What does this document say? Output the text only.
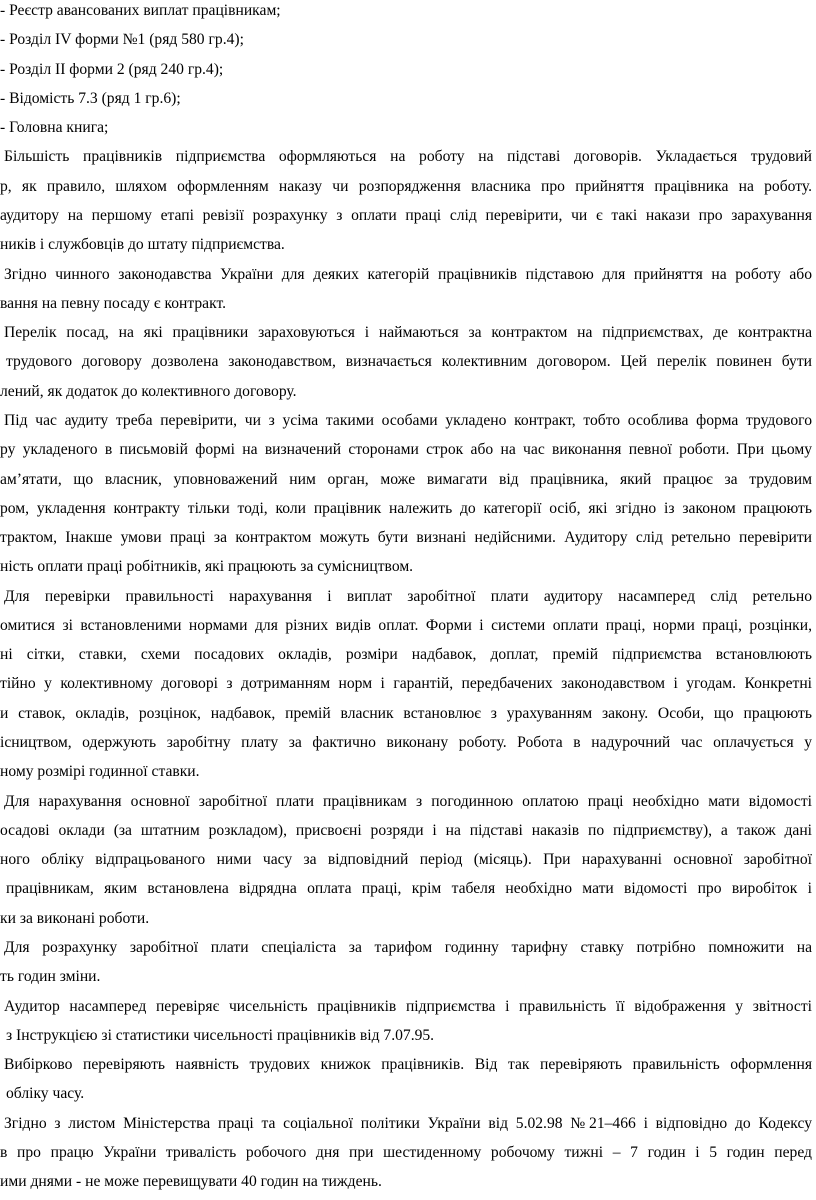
- Реєстр авансованих виплат працівникам;
- Розділ IV форми №1 (ряд 580 гр.4);
- Розділ II форми 2 (ряд 240 гр.4);
- Відомість 7.3 (ряд 1 гр.6);
- Головна книга;
Більшість працівників підприємства оформляються на роботу на підставі договорів. Укладається трудовий
р, як правило, шляхом оформленням наказу чи розпорядження власника про прийняття працівника на роботу.
аудитору на першому етапі ревізії розрахунку з оплати праці слід перевірити, чи є такі накази про зарахування
ників і службовців до штату підприємства.
Згідно чинного законодавства України для деяких категорій працівників підставою для прийняття на роботу або
вання на певну посаду є контракт.
Перелік посад, на які працівники зараховуються і наймаються за контрактом на підприємствах, де контрактна
трудового договору дозволена законодавством, визначається колективним договором. Цей перелік повинен бути
лений, як додаток до колективного договору.
Під час аудиту треба перевірити, чи з усіма такими особами укладено контракт, тобто особлива форма трудового
ру укладеного в письмовій формі на визначений сторонами строк або на час виконання певної роботи. При цьому
ам’ятати, що власник, уповноважений ним орган, може вимагати від працівника, який працює за трудовим
ром, укладення контракту тільки тоді, коли працівник належить до категорії осіб, які згідно із законом працюють
трактом, Інакше умови праці за контрактом можуть бути визнані недійсними. Аудитору слід ретельно перевірити
ність оплати праці робітників, які працюють за сумісництвом.
Для перевірки правильності нарахування і виплат заробітної плати аудитору насамперед слід ретельно
омитися зі встановленими нормами для різних видів оплат. Форми і системи оплати праці, норми праці, розцінки,
ні сітки, ставки, схеми посадових окладів, розміри надбавок, доплат, премій підприємства встановлюють
тійно у колективному договорі з дотриманням норм і гарантій, передбачених законодавством і угодам. Конкретні
и ставок, окладів, розцінок, надбавок, премій власник встановлює з урахуванням закону. Особи, що працюють
ісництвом, одержують заробітну плату за фактично виконану роботу. Робота в надурочний час оплачується у
ному розмірі годинної ставки.
Для нарахування основної заробітної плати працівникам з погодинною оплатою праці необхідно мати відомості
осадові оклади (за штатним розкладом), присвоєні розряди і на підставі наказів по підприємству), а також дані
ного обліку відпрацьованого ними часу за відповідний період (місяць). При нарахуванні основної заробітної
працівникам, яким встановлена відрядна оплата праці, крім табеля необхідно мати відомості про виробіток і
ки за виконані роботи.
Для розрахунку заробітної плати спеціаліста за тарифом годинну тарифну ставку потрібно помножити на
ть годин зміни.
Аудитор насамперед перевіряє чисельність працівників підприємства і правильність її відображення у звітності
з Інструкцією зі статистики чисельності працівників від 7.07.95.
Вибірково перевіряють наявність трудових книжок працівників. Від так перевіряють правильність оформлення
обліку часу.
Згідно з листом Міністерства праці та соціальної політики України від 5.02.98 №21–466 і відповідно до Кодексу
в про працю України тривалість робочого дня при шестиденному робочому тижні – 7 годин і 5 годин перед
ими днями - не може перевищувати 40 годин на тиждень.
